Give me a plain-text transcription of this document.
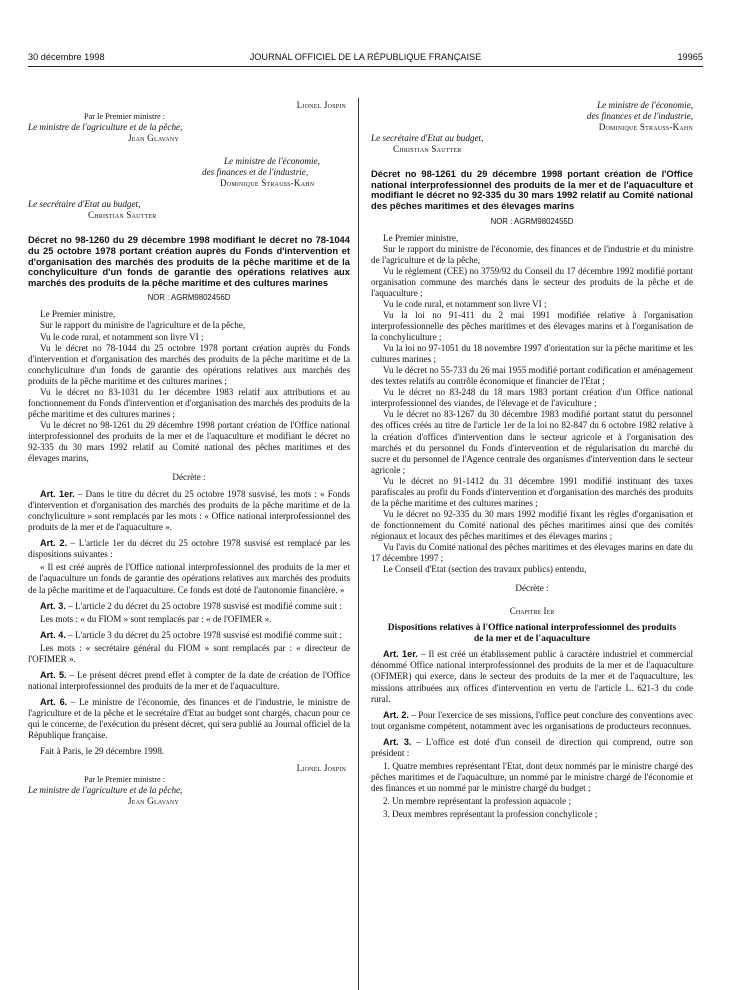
30 décembre 1998	JOURNAL OFFICIEL DE LA RÉPUBLIQUE FRANÇAISE	19965

Lionel Jospin

Par le Premier ministre :

Le ministre de l'agriculture et de la pêche,

Jean Glavany

Le ministre de l'économie,

des finances et de l'industrie,

Dominique Strauss-Kahn

Le secrétaire d'Etat au budget,

Christian Sautter

Décret no 98-1260 du 29 décembre 1998 modifiant le décret no 78-1044 du 25 octobre 1978 portant création auprès du Fonds d'intervention et d'organisation des marchés des produits de la pêche maritime et de la conchyliculture d'un fonds de garantie des opérations relatives aux marchés des produits de la pêche maritime et des cultures marines

NOR : AGRM9802456D

Le Premier ministre,

Sur le rapport du ministre de l'agriculture et de la pêche,

Vu le code rural, et notamment son livre VI ;

Vu le décret no 78-1044 du 25 octobre 1978 portant création auprès du Fonds d'intervention et d'organisation des marchés des produits de la pêche maritime et de la conchyliculture d'un fonds de garantie des opérations relatives aux marchés des produits de la pêche maritime et des cultures marines ;

Vu le décret no 83-1031 du 1er décembre 1983 relatif aux attributions et au fonctionnement du Fonds d'intervention et d'organisation des marchés des produits de la pêche maritime et des cultures marines ;

Vu le décret no 98-1261 du 29 décembre 1998 portant création de l'Office national interprofessionnel des produits de la mer et de l'aquaculture et modifiant le décret no 92-335 du 30 mars 1992 relatif au Comité national des pêches maritimes et des élevages marins,

Décrète :

Art. 1er. – Dans le titre du décret du 25 octobre 1978 susvisé, les mots : « Fonds d'intervention et d'organisation des marchés des produits de la pêche maritime et de la conchyliculture » sont remplacés par les mots : « Office national interprofessionnel des produits de la mer et de l'aquaculture ».

Art. 2. – L'article 1er du décret du 25 octobre 1978 susvisé est remplacé par les dispositions suivantes :

« Il est créé auprès de l'Office national interprofessionnel des produits de la mer et de l'aquaculture un fonds de garantie des opérations relatives aux marchés des produits de la pêche maritime et de l'aquaculture. Ce fonds est doté de l'autonomie financière. »

Art. 3. – L'article 2 du décret du 25 octobre 1978 susvisé est modifié comme suit :

Les mots : « du FIOM » sont remplacés par : « de l'OFIMER ».

Art. 4. – L'article 3 du décret du 25 octobre 1978 susvisé est modifié comme suit :

Les mots : « secrétaire général du FIOM » sont remplacés par : « directeur de l'OFIMER ».

Art. 5. – Le présent décret prend effet à compter de la date de création de l'Office national interprofessionnel des produits de la mer et de l'aquaculture.

Art. 6. – Le ministre de l'économie, des finances et de l'industrie, le ministre de l'agriculture et de la pêche et le secrétaire d'Etat au budget sont chargés, chacun pour ce qui le concerne, de l'exécution du présent décret, qui sera publié au Journal officiel de la République française.

Fait à Paris, le 29 décembre 1998.

Lionel Jospin

Par le Premier ministre :

Le ministre de l'agriculture et de la pêche,

Jean Glavany

Le ministre de l'économie,

des finances et de l'industrie,

Dominique Strauss-Kahn

Le secrétaire d'Etat au budget,

Christian Sautter

Décret no 98-1261 du 29 décembre 1998 portant création de l'Office national interprofessionnel des produits de la mer et de l'aquaculture et modifiant le décret no 92-335 du 30 mars 1992 relatif au Comité national des pêches maritimes et des élevages marins

NOR : AGRM9802455D

Le Premier ministre,

Sur le rapport du ministre de l'économie, des finances et de l'industrie et du ministre de l'agriculture et de la pêche,

Vu le règlement (CEE) no 3759/92 du Conseil du 17 décembre 1992 modifié portant organisation commune des marchés dans le secteur des produits de la pêche et de l'aquaculture ;

Vu le code rural, et notamment son livre VI ;

Vu la loi no 91-411 du 2 mai 1991 modifiée relative à l'organisation interprofessionnelle des pêches maritimes et des élevages marins et à l'organisation de la conchyliculture ;

Vu la loi no 97-1051 du 18 novembre 1997 d'orientation sur la pêche maritime et les cultures marines ;

Vu le décret no 55-733 du 26 mai 1955 modifié portant codification et aménagement des textes relatifs au contrôle économique et financier de l'Etat ;

Vu le décret no 83-248 du 18 mars 1983 portant création d'un Office national interprofessionnel des viandes, de l'élevage et de l'aviculture ;

Vu le décret no 83-1267 du 30 décembre 1983 modifié portant statut du personnel des offices créés au titre de l'article 1er de la loi no 82-847 du 6 octobre 1982 relative à la création d'offices d'intervention dans le secteur agricole et à l'organisation des marchés et du personnel du Fonds d'intervention et de régularisation du marché du sucre et du personnel de l'Agence centrale des organismes d'intervention dans le secteur agricole ;

Vu le décret no 91-1412 du 31 décembre 1991 modifié instituant des taxes parafiscales au profit du Fonds d'intervention et d'organisation des marchés des produits de la pêche maritime et des cultures marines ;

Vu le décret no 92-335 du 30 mars 1992 modifié fixant les règles d'organisation et de fonctionnement du Comité national des pêches maritimes ainsi que des comités régionaux et locaux des pêches maritimes et des élevages marins ;

Vu l'avis du Comité national des pêches maritimes et des élevages marins en date du 17 décembre 1997 ;

Le Conseil d'Etat (section des travaux publics) entendu,

Décrète :

Chapitre Ier

Dispositions relatives à l'Office national interprofessionnel des produits de la mer et de l'aquaculture

Art. 1er. – Il est créé un établissement public à caractère industriel et commercial dénommé Office national interprofessionnel des produits de la mer et de l'aquaculture (OFIMER) qui exerce, dans le secteur des produits de la mer et de l'aquaculture, les missions attribuées aux offices d'intervention en vertu de l'article L. 621-3 du code rural.

Art. 2. – Pour l'exercice de ses missions, l'office peut conclure des conventions avec tout organisme compétent, notamment avec les organisations de producteurs reconnues.

Art. 3. – L'office est doté d'un conseil de direction qui comprend, outre son président :

1. Quatre membres représentant l'Etat, dont deux nommés par le ministre chargé des pêches maritimes et de l'aquaculture, un nommé par le ministre chargé de l'économie et des finances et un nommé par le ministre chargé du budget ;

2. Un membre représentant la profession aquacole ;

3. Deux membres représentant la profession conchylicole ;
